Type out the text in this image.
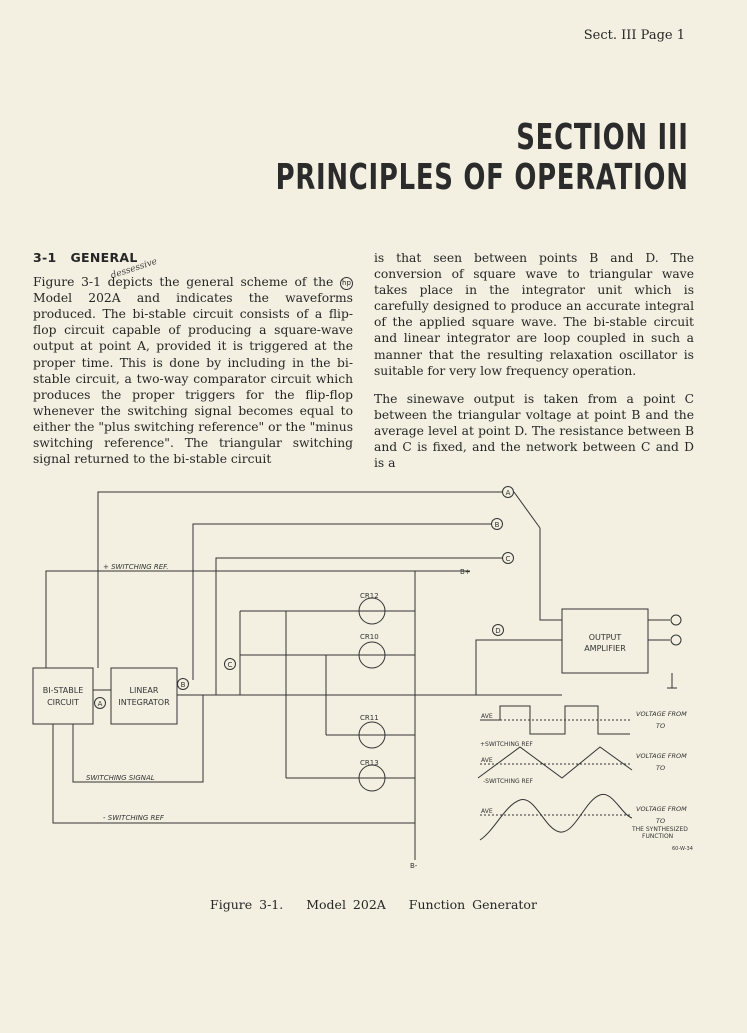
Sect. III Page 1
SECTION III
PRINCIPLES OF OPERATION
dessessive
3-1 GENERAL

Figure 3-1 depicts the general scheme of the hpModel 202A and indicates the waveforms produced. The bi-stable circuit consists of a flip-flop circuit capable of producing a square-wave output at point A, provided it is triggered at the proper time. This is done by including in the bi-stable circuit, a two-way comparator circuit which produces the proper triggers for the flip-flop whenever the switching signal becomes equal to either the "plus switching reference" or the "minus switching reference". The triangular switching signal returned to the bi-stable circuit

is that seen between points B and D. The conversion of square wave to triangular wave takes place in the integrator unit which is carefully designed to produce an accurate integral of the applied square wave. The bi-stable circuit and linear integrator are loop coupled in such a manner that the resulting relaxation oscillator is suitable for very low frequency operation.

The sinewave output is taken from a point C between the triangular voltage at point B and the average level at point D. The resistance between B and C is fixed, and the network between C and D is a

BI-STABLE
CIRCUIT
LINEAR
INTEGRATOR
OUTPUT
AMPLIFIER
A
B
C
D
C
B
A
+ SWITCHING REF.
- SWITCHING REF
SWITCHING SIGNAL
B+
B-
CR12
CR10
CR11
CR13
AVE
+SWITCHING REF
AVE
-SWITCHING REF
AVE
VOLTAGE FROM
VOLTAGE FROM
VOLTAGE FROM
TO
TO
TO
THE SYNTHESIZED
FUNCTION
60-W-34
Figure 3-1. Model 202A Function Generator
